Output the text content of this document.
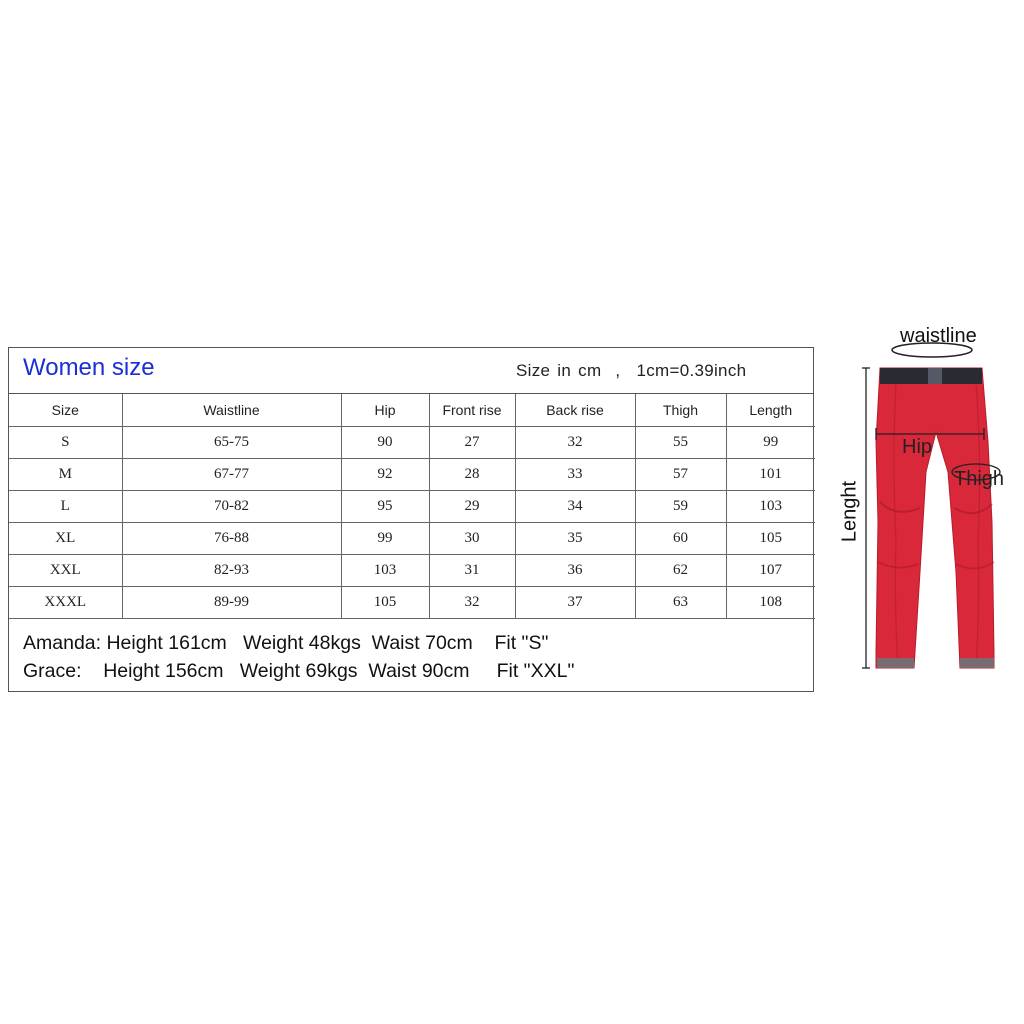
Women size	Size in cm , 1cm=0.39inch
Size	Waistline	Hip	Front rise	Back rise	Thigh	Length
S	65-75	90	27	32	55	99
M	67-77	92	28	33	57	101
L	70-82	95	29	34	59	103
XL	76-88	99	30	35	60	105
XXL	82-93	103	31	36	62	107
XXXL	89-99	105	32	37	63	108
Amanda: Height 161cm   Weight 48kgs  Waist 70cm    Fit "S"
Grace:    Height 156cm   Weight 69kgs  Waist 90cm     Fit "XXL"
waistline
Hip
Thigh
Lenght
